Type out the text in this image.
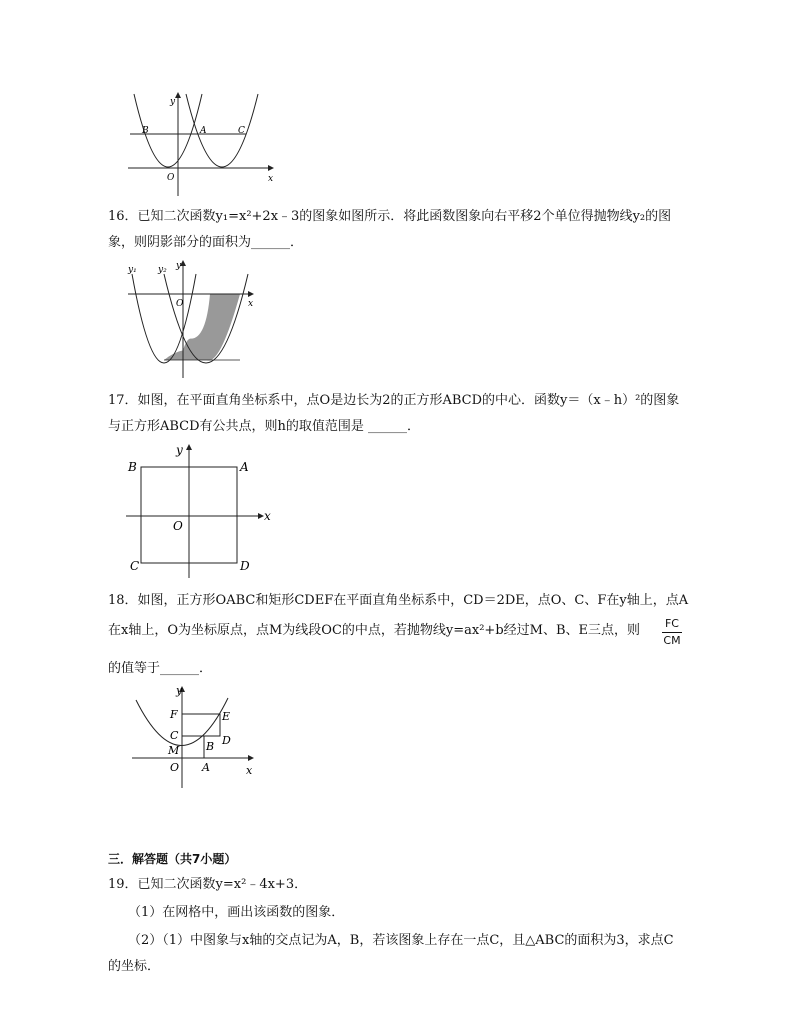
y
x
O
A
B	C
16．已知二次函数y₁=x²+2x﹣3的图象如图所示．将此函数图象向右平移2个单位得抛物线y₂的图
象，则阴影部分的面积为______．
y₁ y₂ y
x
O
17．如图，在平面直角坐标系中，点O是边长为2的正方形ABCD的中心．函数y＝（x﹣h）²的图象
与正方形ABCD有公共点，则h的取值范围是 ______．
B	A
C	D
O
x
y
18．如图，正方形OABC和矩形CDEF在平面直角坐标系中，CD＝2DE，点O、C、F在y轴上，点A
在x轴上，O为坐标原点，点M为线段OC的中点，若抛物线y=ax²+b经过M、B、E三点，则	FC
CM
的值等于______．
y
x
O A
B
C	D
E
F
M
三．解答题（共7小题）
19．已知二次函数y=x²﹣4x+3．
（1）在网格中，画出该函数的图象．
（2）（1）中图象与x轴的交点记为A，B，若该图象上存在一点C，且△ABC的面积为3，求点C
的坐标．
